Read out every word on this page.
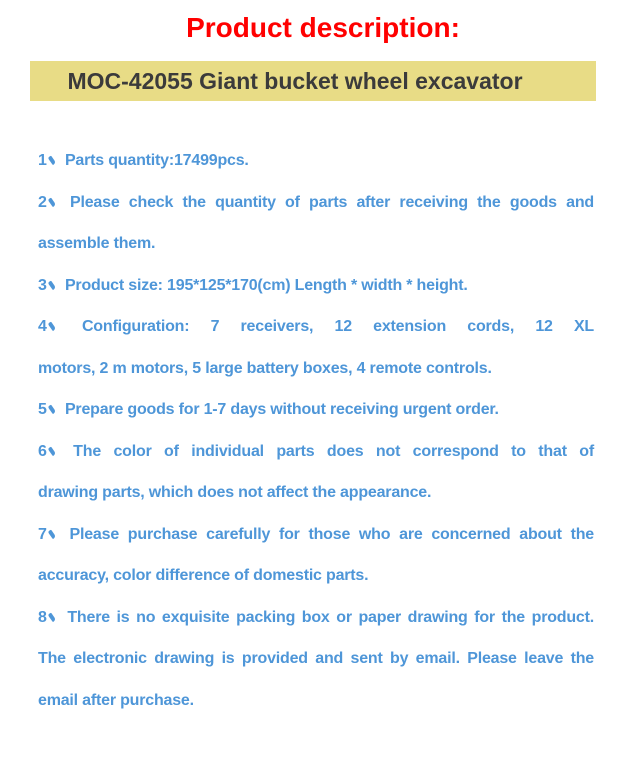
Product description:
MOC-42055 Giant bucket wheel excavator
1 Parts quantity:17499pcs.
2 Please check the quantity of parts after receiving the goods and
assemble them.
3 Product size: 195*125*170(cm) Length * width * height.
4 Configuration: 7 receivers, 12 extension cords, 12 XL
motors, 2 m motors, 5 large battery boxes, 4 remote controls.
5 Prepare goods for 1-7 days without receiving urgent order.
6 The color of individual parts does not correspond to that of
drawing parts, which does not affect the appearance.
7 Please purchase carefully for those who are concerned about the
accuracy, color difference of domestic parts.
8 There is no exquisite packing box or paper drawing for the product.
The electronic drawing is provided and sent by email. Please leave the
email after purchase.
